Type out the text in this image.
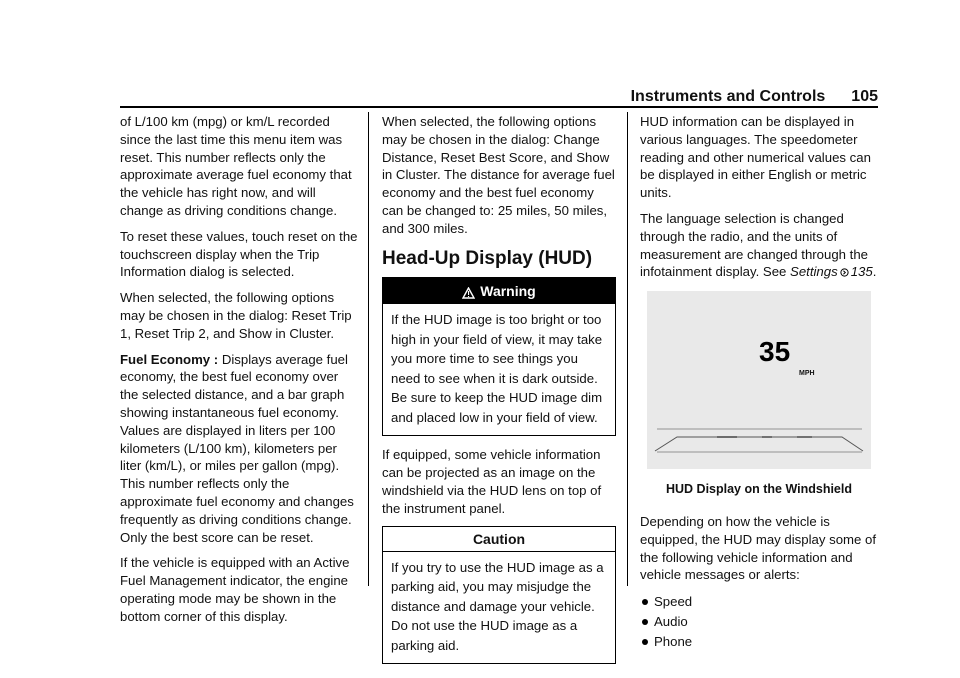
Instruments and Controls 105

of L/100 km (mpg) or km/L recorded since the last time this menu item was reset. This number reflects only the approximate average fuel economy that the vehicle has right now, and will change as driving conditions change.

To reset these values, touch reset on the touchscreen display when the Trip Information dialog is selected.

When selected, the following options may be chosen in the dialog: Reset Trip 1, Reset Trip 2, and Show in Cluster.

Fuel Economy : Displays average fuel economy, the best fuel economy over the selected distance, and a bar graph showing instantaneous fuel economy. Values are displayed in liters per 100 kilometers (L/100 km), kilometers per liter (km/L), or miles per gallon (mpg). This number reflects only the approximate fuel economy and changes frequently as driving conditions change. Only the best score can be reset.

If the vehicle is equipped with an Active Fuel Management indicator, the engine operating mode may be shown in the bottom corner of this display.

When selected, the following options may be chosen in the dialog: Change Distance, Reset Best Score, and Show in Cluster. The distance for average fuel economy and the best fuel economy can be changed to: 25 miles, 50 miles, and 300 miles.

Head-Up Display (HUD)
Warning
If the HUD image is too bright or too high in your field of view, it may take you more time to see things you need to see when it is dark outside. Be sure to keep the HUD image dim and placed low in your field of view.

If equipped, some vehicle information can be projected as an image on the windshield via the HUD lens on top of the instrument panel.

Caution
If you try to use the HUD image as a parking aid, you may misjudge the distance and damage your vehicle. Do not use the HUD image as a parking aid.

HUD information can be displayed in various languages. The speedometer reading and other numerical values can be displayed in either English or metric units.

The language selection is changed through the radio, and the units of measurement are changed through the infotainment display. See Settings 135.

35
MPH
HUD Display on the Windshield

Depending on how the vehicle is equipped, the HUD may display some of the following vehicle information and vehicle messages or alerts:

Speed
Audio
Phone
